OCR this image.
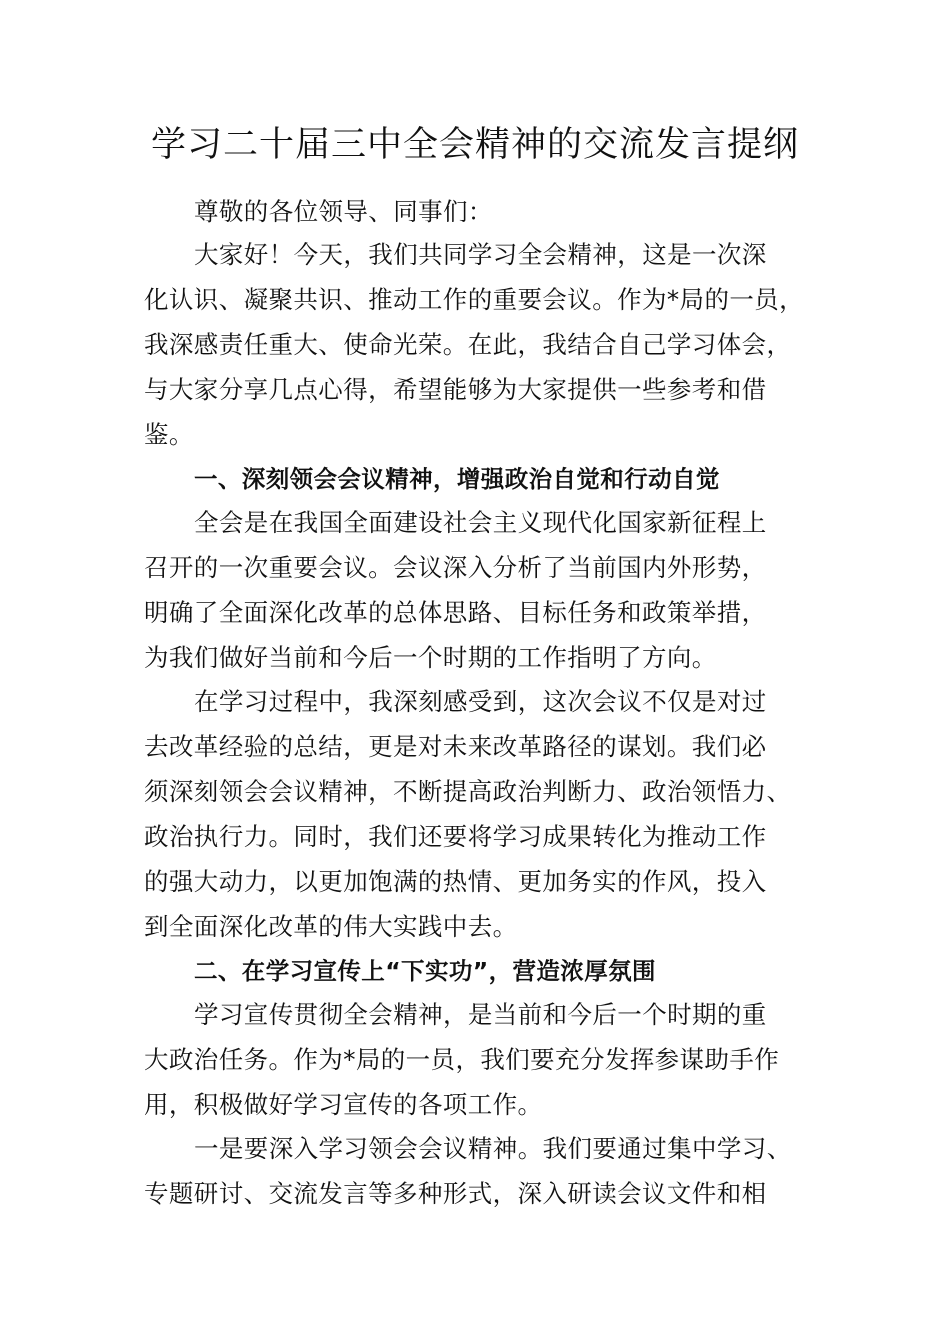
学习二十届三中全会精神的交流发言提纲
尊敬的各位领导、同事们：
大家好！今天，我们共同学习全会精神，这是一次深
化认识、凝聚共识、推动工作的重要会议。作为*局的一员，
我深感责任重大、使命光荣。在此，我结合自己学习体会，
与大家分享几点心得，希望能够为大家提供一些参考和借
鉴。
一、深刻领会会议精神，增强政治自觉和行动自觉
全会是在我国全面建设社会主义现代化国家新征程上
召开的一次重要会议。会议深入分析了当前国内外形势，
明确了全面深化改革的总体思路、目标任务和政策举措，
为我们做好当前和今后一个时期的工作指明了方向。
在学习过程中，我深刻感受到，这次会议不仅是对过
去改革经验的总结，更是对未来改革路径的谋划。我们必
须深刻领会会议精神，不断提高政治判断力、政治领悟力、
政治执行力。同时，我们还要将学习成果转化为推动工作
的强大动力，以更加饱满的热情、更加务实的作风，投入
到全面深化改革的伟大实践中去。
二、在学习宣传上“下实功”，营造浓厚氛围
学习宣传贯彻全会精神，是当前和今后一个时期的重
大政治任务。作为*局的一员，我们要充分发挥参谋助手作
用，积极做好学习宣传的各项工作。
一是要深入学习领会会议精神。我们要通过集中学习、
专题研讨、交流发言等多种形式，深入研读会议文件和相
